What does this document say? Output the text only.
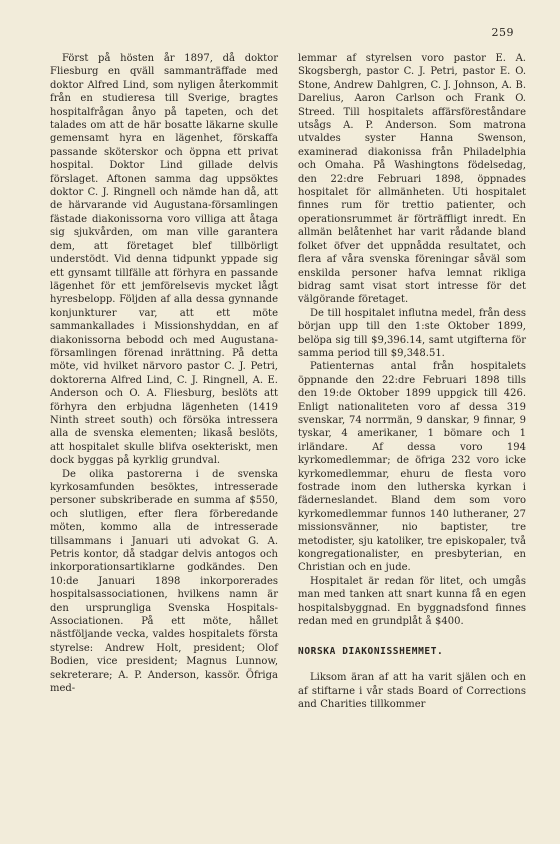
259

Först på hösten år 1897, då doktor Fliesburg en qväll sammanträffade med doktor Alfred Lind, som nyligen återkommit från en studieresa till Sverige, bragtes hospitalfrågan ånyo på tapeten, och det talades om att de här bosatte läkarne skulle gemensamt hyra en lägenhet, förskaffa passande sköterskor och öppna ett privat hospital. Doktor Lind gillade delvis förslaget. Aftonen samma dag uppsöktes doktor C. J. Ringnell och nämde han då, att de härvarande vid Augustana-församlingen fästade diakonissorna voro villiga att åtaga sig sjukvården, om man ville garantera dem, att företaget blef tillbörligt understödt. Vid denna tidpunkt yppade sig ett gynsamt tillfälle att förhyra en passande lägenhet för ett jemförelsevis mycket lågt hyresbelopp. Följden af alla dessa gynnande konjunkturer var, att ett möte sammankallades i Missionshyddan, en af diakonissorna bebodd och med Augustana-församlingen förenad inrättning. På detta möte, vid hvilket närvoro pastor C. J. Petri, doktorerna Alfred Lind, C. J. Ringnell, A. E. Anderson och O. A. Fliesburg, beslöts att förhyra den erbjudna lägenheten (1419 Ninth street south) och försöka intressera alla de svenska elementen; likaså beslöts, att hospitalet skulle blifva osekteriskt, men dock byggas på kyrklig grundval.

De olika pastorerna i de svenska kyrkosamfunden besöktes, intresserade personer subskriberade en summa af $550, och slutligen, efter flera förberedande möten, kommo alla de intresserade tillsammans i Januari uti advokat G. A. Petris kontor, då stadgar delvis antogos och inkorporationsartiklarne godkändes. Den 10:de Januari 1898 inkorporerades hospitalsassociationen, hvilkens namn är den ursprungliga Svenska Hospitals-Associationen. På ett möte, hållet nästföljande vecka, valdes hospitalets första styrelse: Andrew Holt, president; Olof Bodien, vice president; Magnus Lunnow, sekreterare; A. P. Anderson, kassör. Öfriga med-

lemmar af styrelsen voro pastor E. A. Skogsbergh, pastor C. J. Petri, pastor E. O. Stone, Andrew Dahlgren, C. J. Johnson, A. B. Darelius, Aaron Carlson och Frank O. Streed. Till hospitalets affärsföreståndare utsågs A. P. Anderson. Som matrona utvaldes syster Hanna Swenson, examinerad diakonissa från Philadelphia och Omaha. På Washingtons födelsedag, den 22:dre Februari 1898, öppnades hospitalet för allmänheten. Uti hospitalet finnes rum för trettio patienter, och operationsrummet är förträffligt inredt. En allmän belåtenhet har varit rådande bland folket öfver det uppnådda resultatet, och flera af våra svenska föreningar såväl som enskilda personer hafva lemnat rikliga bidrag samt visat stort intresse för det välgörande företaget.

De till hospitalet influtna medel, från dess början upp till den 1:ste Oktober 1899, belöpa sig till $9,396.14, samt utgifterna för samma period till $9,348.51.

Patienternas antal från hospitalets öppnande den 22:dre Februari 1898 tills den 19:de Oktober 1899 uppgick till 426. Enligt nationaliteten voro af dessa 319 svenskar, 74 norrmän, 9 danskar, 9 finnar, 9 tyskar, 4 amerikaner, 1 bömare och 1 irländare. Af dessa voro 194 kyrkomedlemmar; de öfriga 232 voro icke kyrkomedlemmar, ehuru de flesta voro fostrade inom den lutherska kyrkan i fäderneslandet. Bland dem som voro kyrkomedlemmar funnos 140 lutheraner, 27 missionsvänner, nio baptister, tre metodister, sju katoliker, tre episkopaler, två kongregationalister, en presbyterian, en Christian och en jude.

Hospitalet är redan för litet, och umgås man med tanken att snart kunna få en egen hospitalsbyggnad. En byggnadsfond finnes redan med en grundplåt å $400.

NORSKA DIAKONISSHEMMET.

Liksom äran af att ha varit själen och en af stiftarne i vår stads Board of Corrections and Charities tillkommer
